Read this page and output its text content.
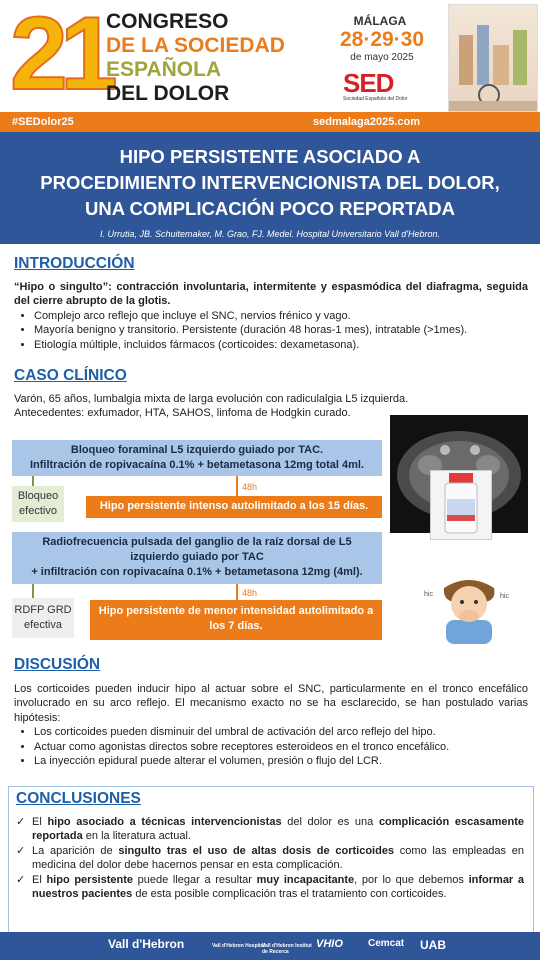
21
CONGRESO
DE LA SOCIEDAD
ESPAÑOLA
DEL DOLOR
MÁLAGA
28·29·30
de mayo 2025
SED
Sociedad Española del Dolor
#SEDolor25	sedmalaga2025.com
HIPO PERSISTENTE ASOCIADO A
PROCEDIMIENTO INTERVENCIONISTA DEL DOLOR,
UNA COMPLICACIÓN POCO REPORTADA
I. Urrutia, JB. Schuitemaker, M. Grao, FJ. Medel. Hospital Universitario Vall d'Hebron.
INTRODUCCIÓN
“Hipo o singulto”: contracción involuntaria, intermitente y espasmódica del diafragma, seguida del cierre abrupto de la glotis.
• Complejo arco reflejo que incluye el SNC, nervios frénico y vago.
• Mayoría benigno y transitorio. Persistente (duración 48 horas-1 mes), intratable (>1mes).
• Etiología múltiple, incluidos fármacos (corticoides: dexametasona).
CASO CLÍNICO
Varón, 65 años, lumbalgia mixta de larga evolución con radiculalgia L5 izquierda.
Antecedentes: exfumador, HTA, SAHOS, linfoma de Hodgkin curado.
Bloqueo foraminal L5 izquierdo guiado por TAC.
Infiltración de ropivacaína 0.1% + betametasona 12mg total 4ml.
Bloqueo efectivo
48h
Hipo persistente intenso autolimitado a los 15 días.
Radiofrecuencia pulsada del ganglio de la raíz dorsal de L5
izquierdo guiado por TAC
+ infiltración con ropivacaína 0.1% + betametasona 12mg (4ml).
RDFP GRD efectiva
48h
Hipo persistente de menor intensidad autolimitado a los 7 días.
hic	hic
DISCUSIÓN
Los corticoides pueden inducir hipo al actuar sobre el SNC, particularmente en el tronco encefálico involucrado en su arco reflejo. El mecanismo exacto no se ha esclarecido, se han postulado varias hipótesis:
• Los corticoides pueden disminuir del umbral de activación del arco reflejo del hipo.
• Actuar como agonistas directos sobre receptores esteroideos en el tronco encefálico.
• La inyección epidural puede alterar el volumen, presión o flujo del LCR.
CONCLUSIONES
✓ El hipo asociado a técnicas intervencionistas del dolor es una complicación escasamente reportada en la literatura actual.
✓ La aparición de singulto tras el uso de altas dosis de corticoides como las empleadas en medicina del dolor debe hacernos pensar en esta complicación.
✓ El hipo persistente puede llegar a resultar muy incapacitante, por lo que debemos informar a nuestros pacientes de esta posible complicación tras el tratamiento con corticoides.
Vall d'Hebron	Vall d'Hebron Hospital
Vall d'Hebron Institut de Recerca
VHIO	Cemcat UAB
